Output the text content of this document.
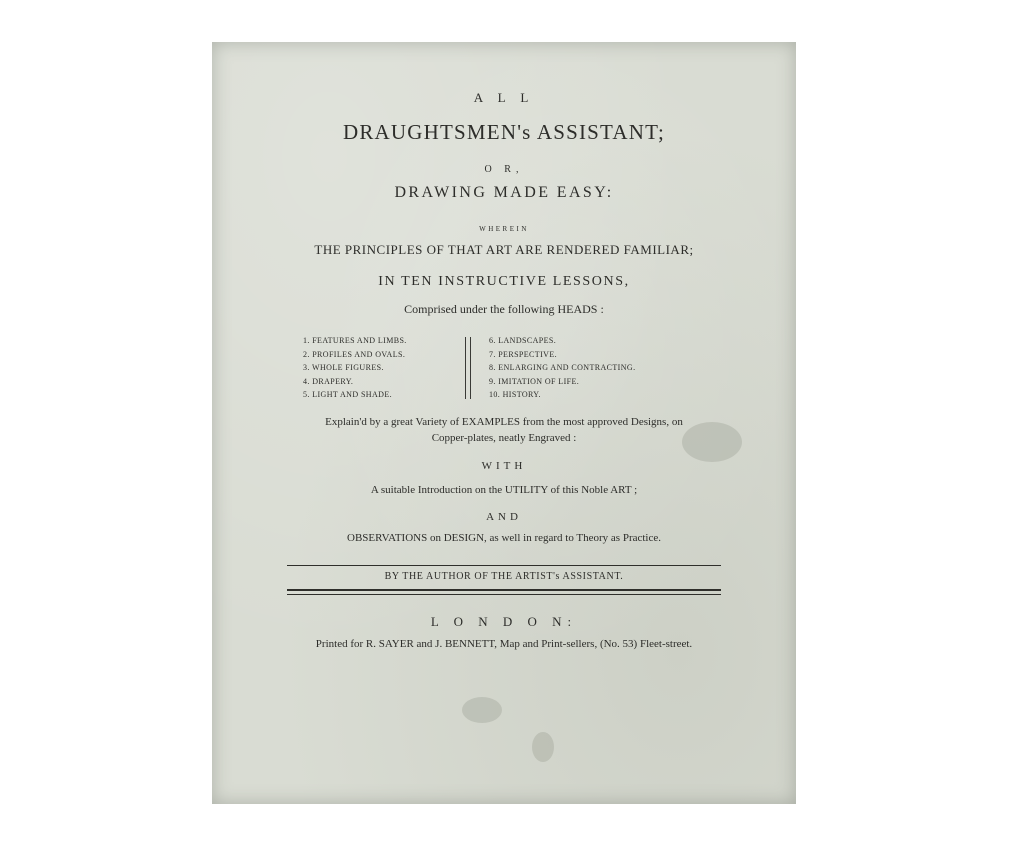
A L L
DRAUGHTSMEN's ASSISTANT;
O R,
DRAWING MADE EASY:
WHEREIN
THE PRINCIPLES OF THAT ART ARE RENDERED FAMILIAR;
IN TEN INSTRUCTIVE LESSONS,
Comprised under the following HEADS :
1. FEATURES AND LIMBS.
2. PROFILES AND OVALS.
3. WHOLE FIGURES.
4. DRAPERY.
5. LIGHT AND SHADE.
6. LANDSCAPES.
7. PERSPECTIVE.
8. ENLARGING AND CONTRACTING.
9. IMITATION OF LIFE.
10. HISTORY.
Explain'd by a great Variety of EXAMPLES from the most approved Designs, on
Copper-plates, neatly Engraved :
WITH
A suitable Introduction on the UTILITY of this Noble ART ;
AND
OBSERVATIONS on DESIGN, as well in regard to Theory as Practice.
BY THE AUTHOR OF THE ARTIST's ASSISTANT.
L O N D O N:
Printed for R. SAYER and J. BENNETT, Map and Print-sellers, (No. 53) Fleet-street.
